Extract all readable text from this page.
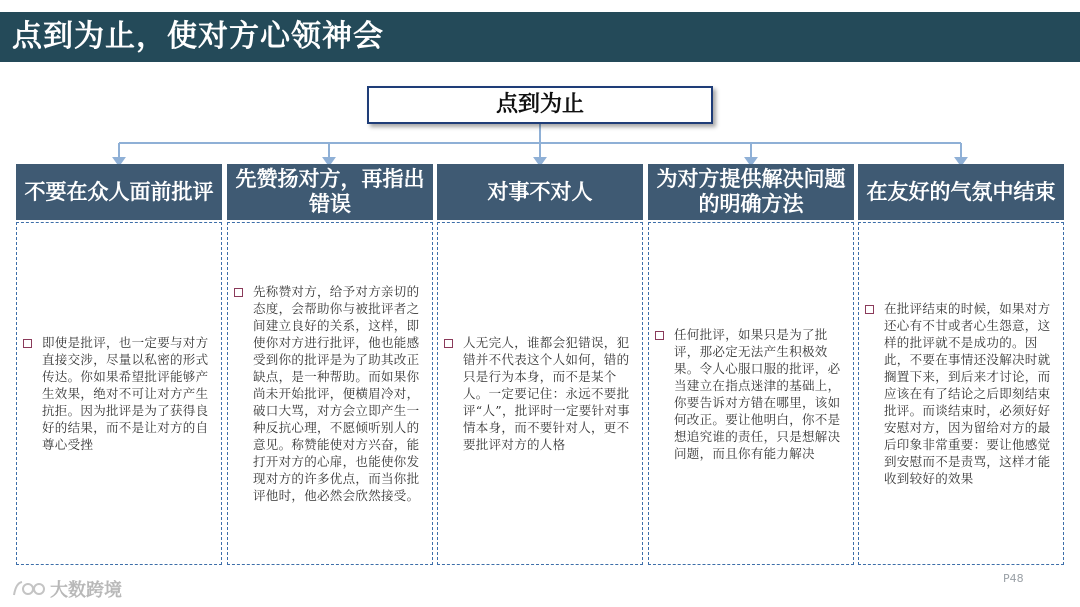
点到为止，使对方心领神会
点到为止
不要在众人面前批评
即使是批评，也一定要与对方直接交涉，尽量以私密的形式传达。你如果希望批评能够产生效果，绝对不可让对方产生抗拒。因为批评是为了获得良好的结果，而不是让对方的自尊心受挫
先赞扬对方，再指出错误
先称赞对方，给予对方亲切的态度，会帮助你与被批评者之间建立良好的关系，这样，即使你对方进行批评，他也能感受到你的批评是为了助其改正缺点，是一种帮助。而如果你尚未开始批评，便横眉冷对，破口大骂，对方会立即产生一种反抗心理，不愿倾听别人的意见。称赞能使对方兴奋，能打开对方的心扉，也能使你发现对方的许多优点，而当你批评他时，他必然会欣然接受。
对事不对人
人无完人，谁都会犯错误，犯错并不代表这个人如何，错的只是行为本身，而不是某个人。一定要记住：永远不要批评“人”，批评时一定要针对事情本身，而不要针对人，更不要批评对方的人格
为对方提供解决问题的明确方法
任何批评，如果只是为了批评，那必定无法产生积极效果。令人心服口服的批评，必当建立在指点迷津的基础上，你要告诉对方错在哪里，该如何改正。要让他明白，你不是想追究谁的责任，只是想解决问题，而且你有能力解决
在友好的气氛中结束
在批评结束的时候，如果对方还心有不甘或者心生怨意，这样的批评就不是成功的。因此，不要在事情还没解决时就搁置下来，到后来才讨论，而应该在有了结论之后即刻结束批评。而谈结束时，必须好好安慰对方，因为留给对方的最后印象非常重要：要让他感觉到安慰而不是责骂，这样才能收到较好的效果
P48
大数跨境
